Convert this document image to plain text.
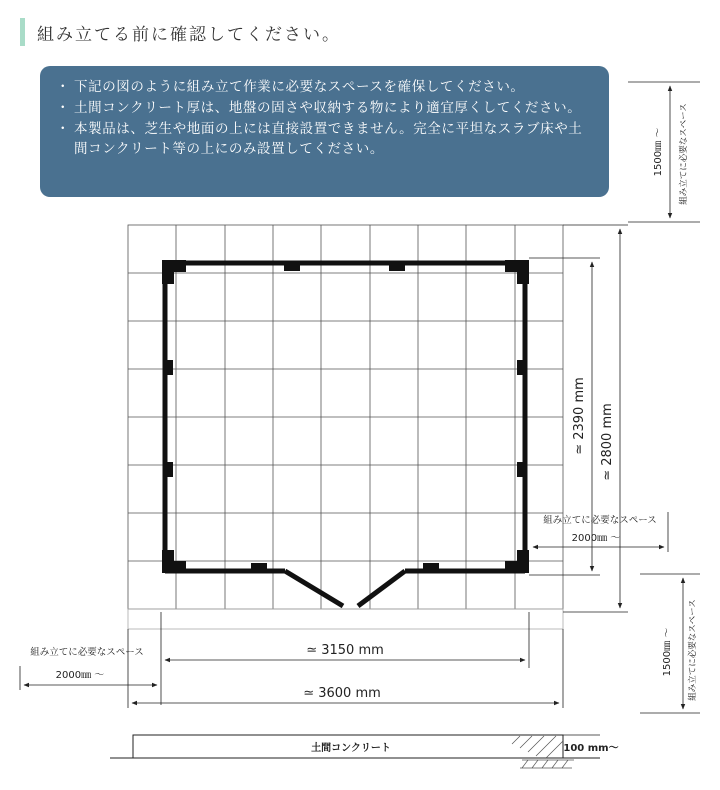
組み立てる前に確認してください。
・ 下記の図のように組み立て作業に必要なスペースを確保してください。
・ 土間コンクリート厚は、地盤の固さや収納する物により適宜厚くしてください。
・ 本製品は、芝生や地面の上には直接設置できません。完全に平坦なスラブ床や土間コンクリート等の上にのみ設置してください。	1500㎜ 〜 組み立てに必要なスペース
≃ 2390 mm ≃ 2800 mm
組み立てに必要なスペース
2000㎜ 〜
1500㎜ 〜 組み立てに必要なスペース
≃ 3150 mm
≃ 3600 mm
組み立てに必要なスペース
2000㎜ 〜
土間コンクリート	100 mm〜
